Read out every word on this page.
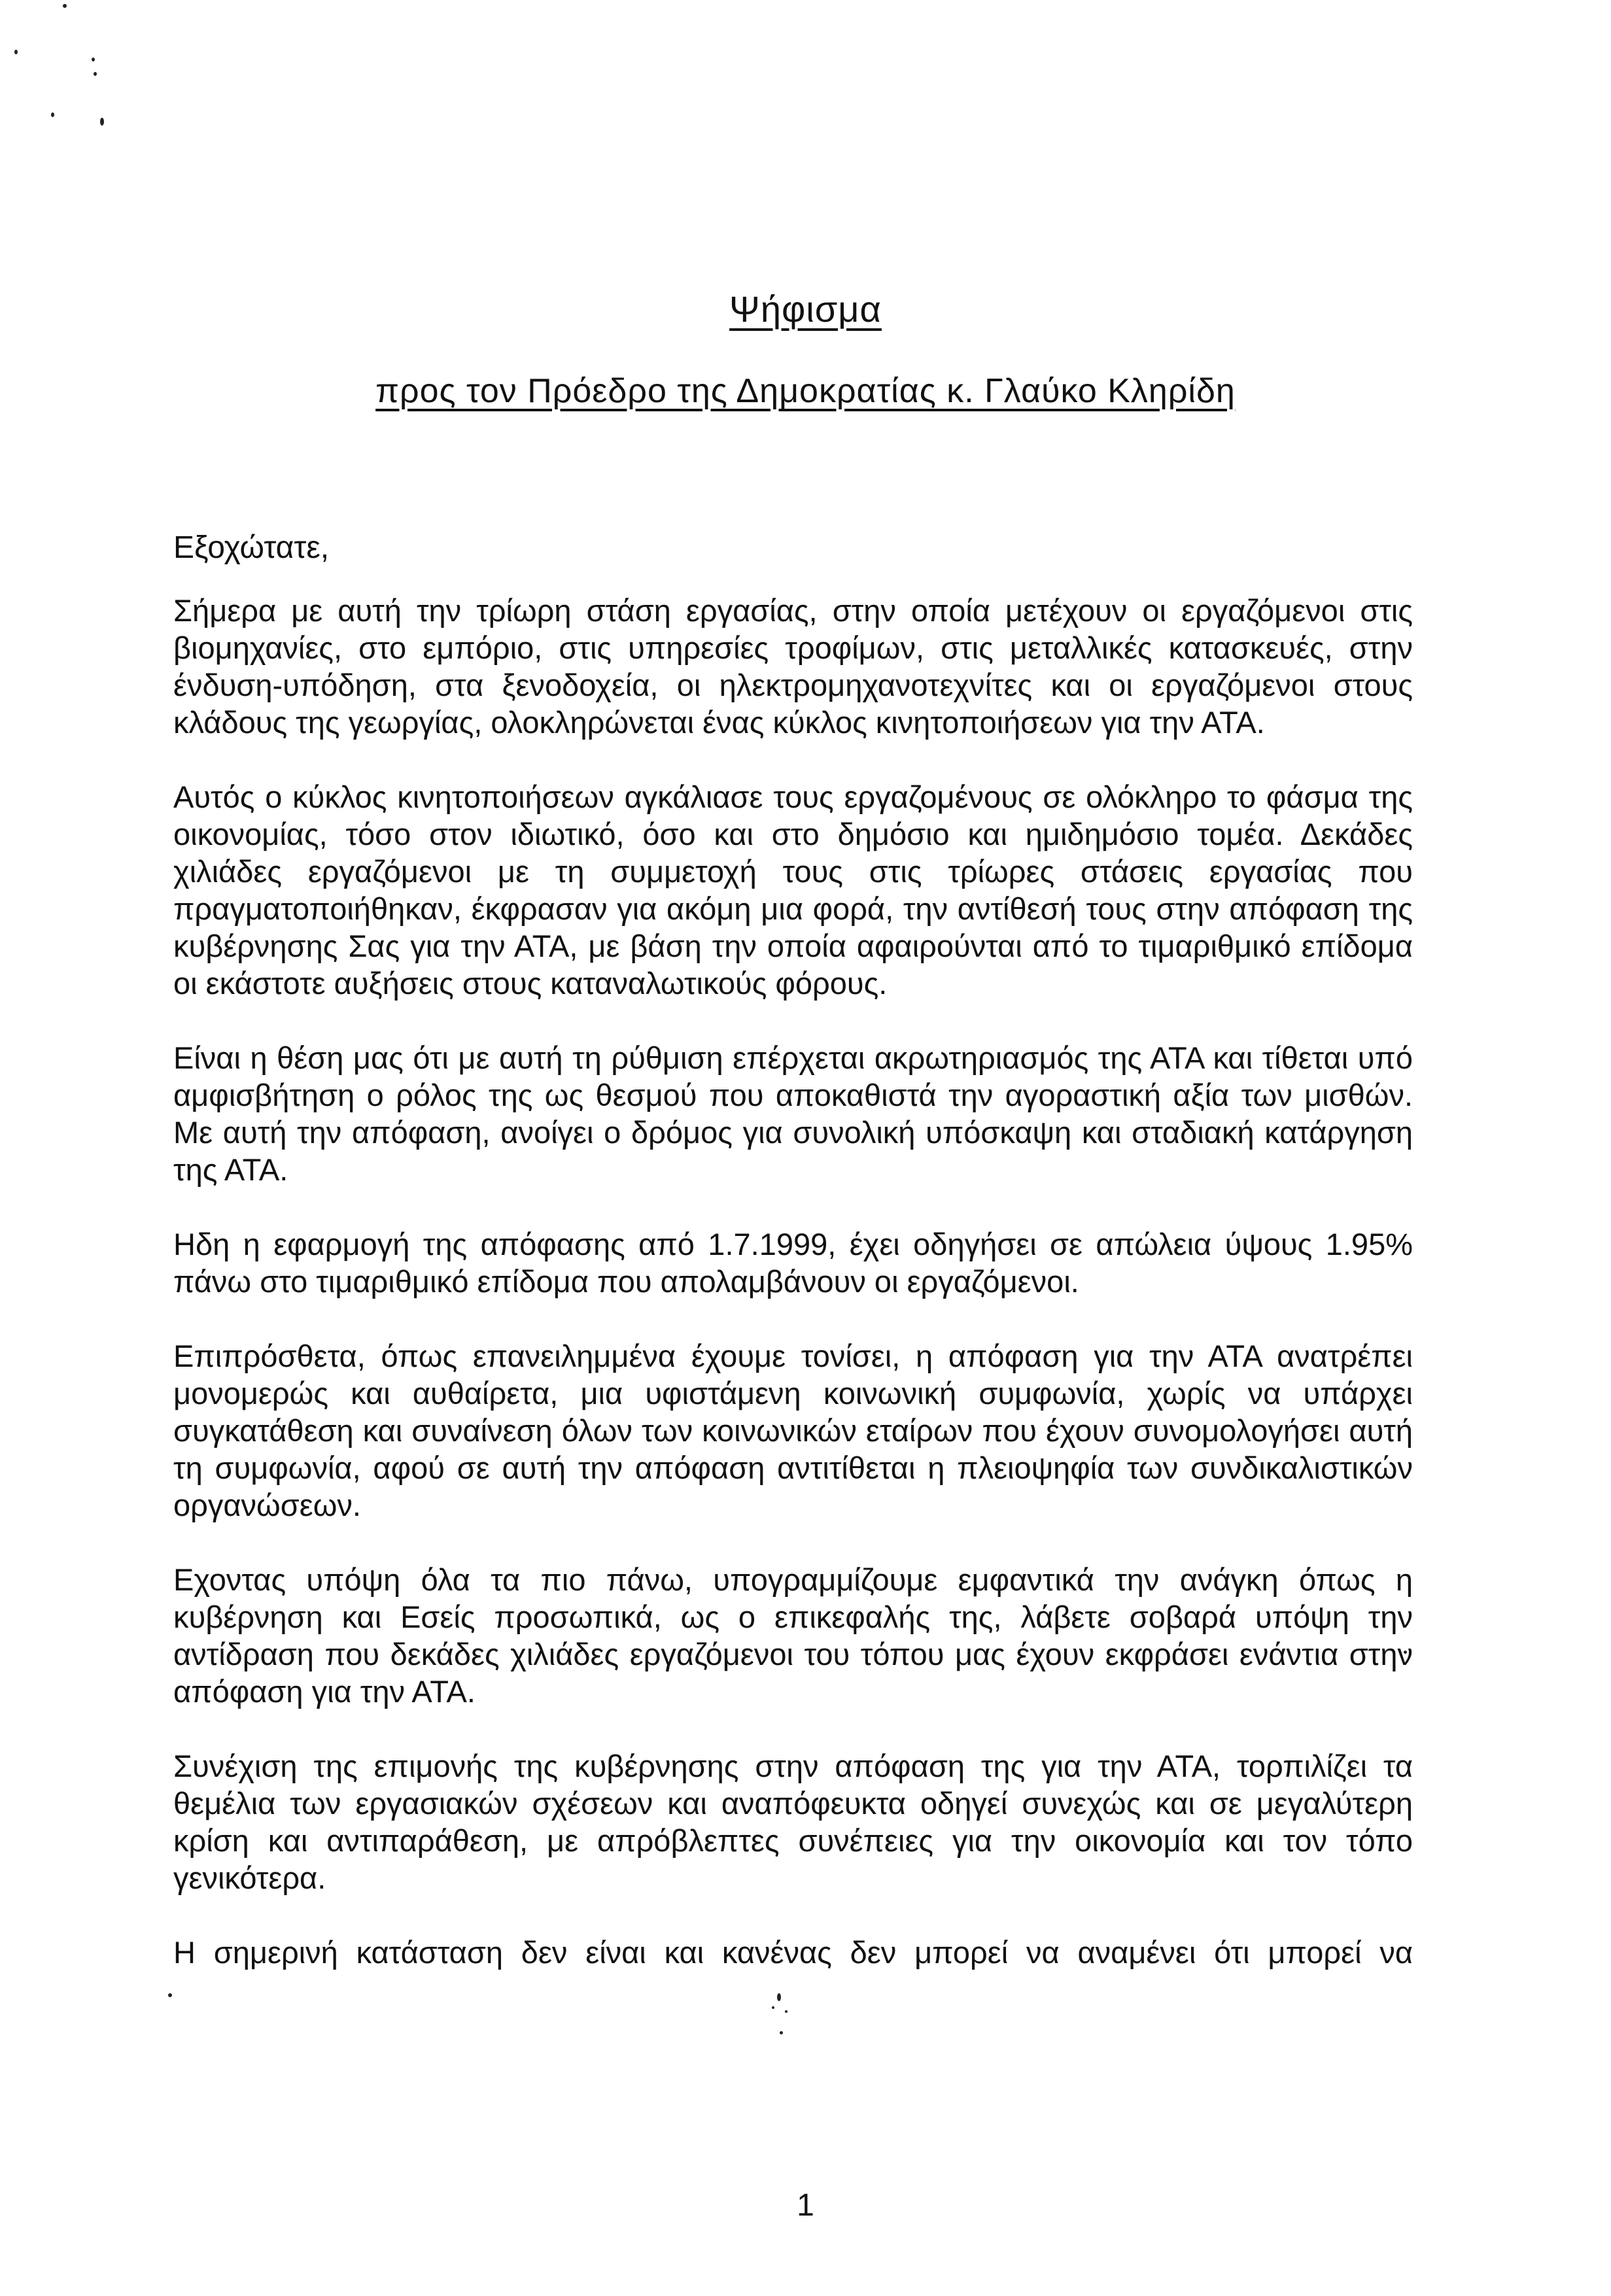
Ψήφισμα
προς τον Πρόεδρο της Δημοκρατίας κ. Γλαύκο Κληρίδη
Εξοχώτατε,

Σήμερα με αυτή την τρίωρη στάση εργασίας, στην οποία μετέχουν οι εργαζόμενοι στις βιομηχανίες, στο εμπόριο, στις υπηρεσίες τροφίμων, στις μεταλλικές κατασκευές, στην ένδυση-υπόδηση, στα ξενοδοχεία, οι ηλεκτρομηχανοτεχνίτες και οι εργαζόμενοι στους κλάδους της γεωργίας, ολοκληρώνεται ένας κύκλος κινητοποιήσεων για την ΑΤΑ.

Αυτός ο κύκλος κινητοποιήσεων αγκάλιασε τους εργαζομένους σε ολόκληρο το φάσμα της οικονομίας, τόσο στον ιδιωτικό, όσο και στο δημόσιο και ημιδημόσιο τομέα. Δεκάδες χιλιάδες εργαζόμενοι με τη συμμετοχή τους στις τρίωρες στάσεις εργασίας που πραγματοποιήθηκαν, έκφρασαν για ακόμη μια φορά, την αντίθεσή τους στην απόφαση της κυβέρνησης Σας για την ΑΤΑ, με βάση την οποία αφαιρούνται από το τιμαριθμικό επίδομα οι εκάστοτε αυξήσεις στους καταναλωτικούς φόρους.

Είναι η θέση μας ότι με αυτή τη ρύθμιση επέρχεται ακρωτηριασμός της ΑΤΑ και τίθεται υπό αμφισβήτηση ο ρόλος της ως θεσμού που αποκαθιστά την αγοραστική αξία των μισθών. Με αυτή την απόφαση, ανοίγει ο δρόμος για συνολική υπόσκαψη και σταδιακή κατάργηση της ΑΤΑ.

Ηδη η εφαρμογή της απόφασης από 1.7.1999, έχει οδηγήσει σε απώλεια ύψους 1.95% πάνω στο τιμαριθμικό επίδομα που απολαμβάνουν οι εργαζόμενοι.

Επιπρόσθετα, όπως επανειλημμένα έχουμε τονίσει, η απόφαση για την ΑΤΑ ανατρέπει μονομερώς και αυθαίρετα, μια υφιστάμενη κοινωνική συμφωνία, χωρίς να υπάρχει συγκατάθεση και συναίνεση όλων των κοινωνικών εταίρων που έχουν συνομολογήσει αυτή τη συμφωνία, αφού σε αυτή την απόφαση αντιτίθεται η πλειοψηφία των συνδικαλιστικών οργανώσεων.

Εχοντας υπόψη όλα τα πιο πάνω, υπογραμμίζουμε εμφαντικά την ανάγκη όπως η κυβέρνηση και Εσείς προσωπικά, ως ο επικεφαλής της, λάβετε σοβαρά υπόψη την αντίδραση που δεκάδες χιλιάδες εργαζόμενοι του τόπου μας έχουν εκφράσει ενάντια στην απόφαση για την ΑΤΑ.

Συνέχιση της επιμονής της κυβέρνησης στην απόφαση της για την ΑΤΑ, τορπιλίζει τα θεμέλια των εργασιακών σχέσεων και αναπόφευκτα οδηγεί συνεχώς και σε μεγαλύτερη κρίση και αντιπαράθεση, με απρόβλεπτες συνέπειες για την οικονομία και τον τόπο γενικότερα.

Η σημερινή κατάσταση δεν είναι και κανένας δεν μπορεί να αναμένει ότι μπορεί να

1
